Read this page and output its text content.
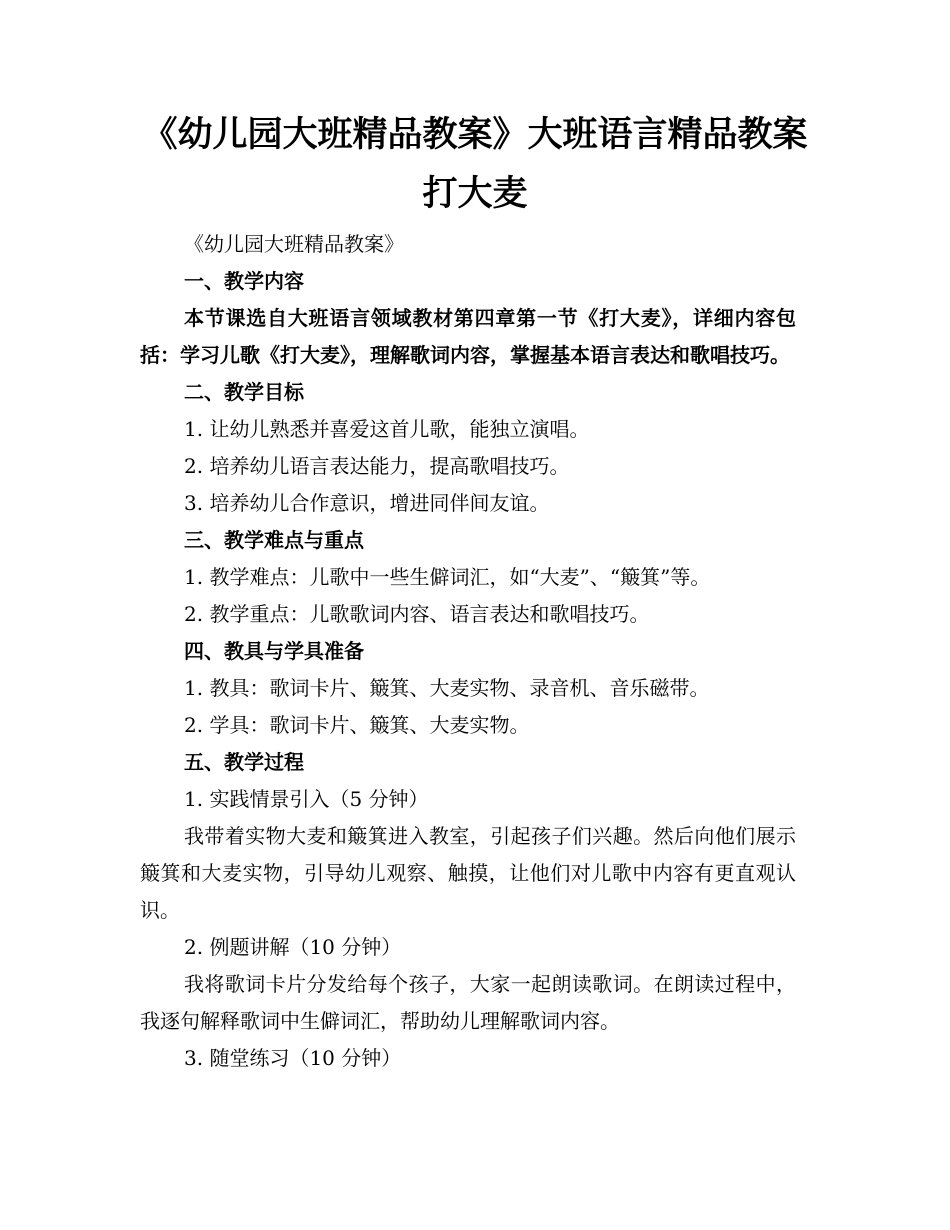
《幼儿园大班精品教案》大班语言精品教案
打大麦

《幼儿园大班精品教案》

一、教学内容

本节课选自大班语言领域教材第四章第一节《打大麦》，详细内容包括：学习儿歌《打大麦》，理解歌词内容，掌握基本语言表达和歌唱技巧。

二、教学目标

1. 让幼儿熟悉并喜爱这首儿歌，能独立演唱。

2. 培养幼儿语言表达能力，提高歌唱技巧。

3. 培养幼儿合作意识，增进同伴间友谊。

三、教学难点与重点

1. 教学难点：儿歌中一些生僻词汇，如“大麦”、“簸箕”等。

2. 教学重点：儿歌歌词内容、语言表达和歌唱技巧。

四、教具与学具准备

1. 教具：歌词卡片、簸箕、大麦实物、录音机、音乐磁带。

2. 学具：歌词卡片、簸箕、大麦实物。

五、教学过程

1. 实践情景引入（5 分钟）

我带着实物大麦和簸箕进入教室，引起孩子们兴趣。然后向他们展示簸箕和大麦实物，引导幼儿观察、触摸，让他们对儿歌中内容有更直观认识。

2. 例题讲解（10 分钟）

我将歌词卡片分发给每个孩子，大家一起朗读歌词。在朗读过程中，我逐句解释歌词中生僻词汇，帮助幼儿理解歌词内容。

3. 随堂练习（10 分钟）
